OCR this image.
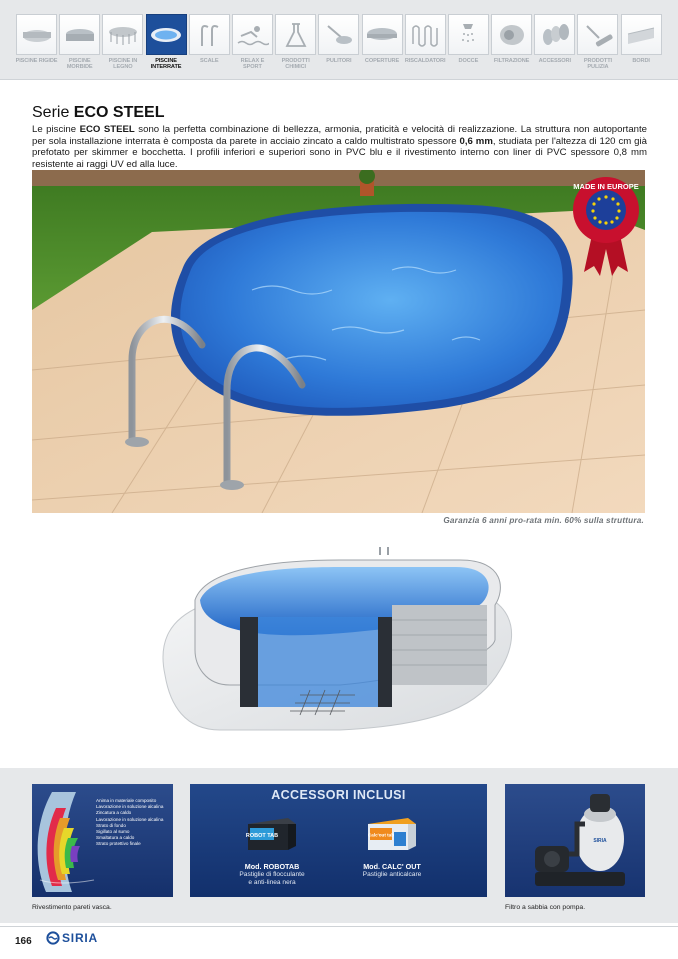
PISCINE RIGIDE	PISCINE MORBIDE
PISCINE IN LEGNO
PISCINE INTERRATE
SCALE	RELAX E SPORT
PRODOTTI CHIMICI
PULITORI	COPERTURE	RISCALDATORI	DOCCE	FILTRAZIONE	ACCESSORI	PRODOTTI PULIZIA
BORDI
Serie ECO STEEL
Le piscine ECO STEEL sono la perfetta combinazione di bellezza, armonia, praticità e velocità di realizzazione. La struttura non autoportante per sola installazione interrata è composta da parete in acciaio zincato a caldo multistrato spessore 0,6 mm, studiata per l'altezza di 120 cm già prefotato per skimmer e bocchetta. I profili inferiori e superiori sono in PVC blu e il rivestimento interno con liner di PVC spessore 0,8 mm resistente ai raggi UV ed alla luce.
MADE IN EUROPE
Garanzia 6 anni pro-rata min. 60% sulla struttura.
Anima in materiale composito
Lavorazione in soluzione alcalina
Zincatura a caldo
Lavorazione in soluzione alcalina
Strato di fondo
Sigillato al sumo
Smaltatura a caldo
Strato protettivo finale
Rivestimento pareti vasca.
ACCESSORI INCLUSI
ROBOT TAB
Mod. ROBOTAB
Pastiglie di flocculante
e anti-linea nera
Calc'out tab
Mod. CALC' OUT
Pastiglie anticalcare
SIRIA
Filtro a sabbia con pompa.
166	SIRIA
